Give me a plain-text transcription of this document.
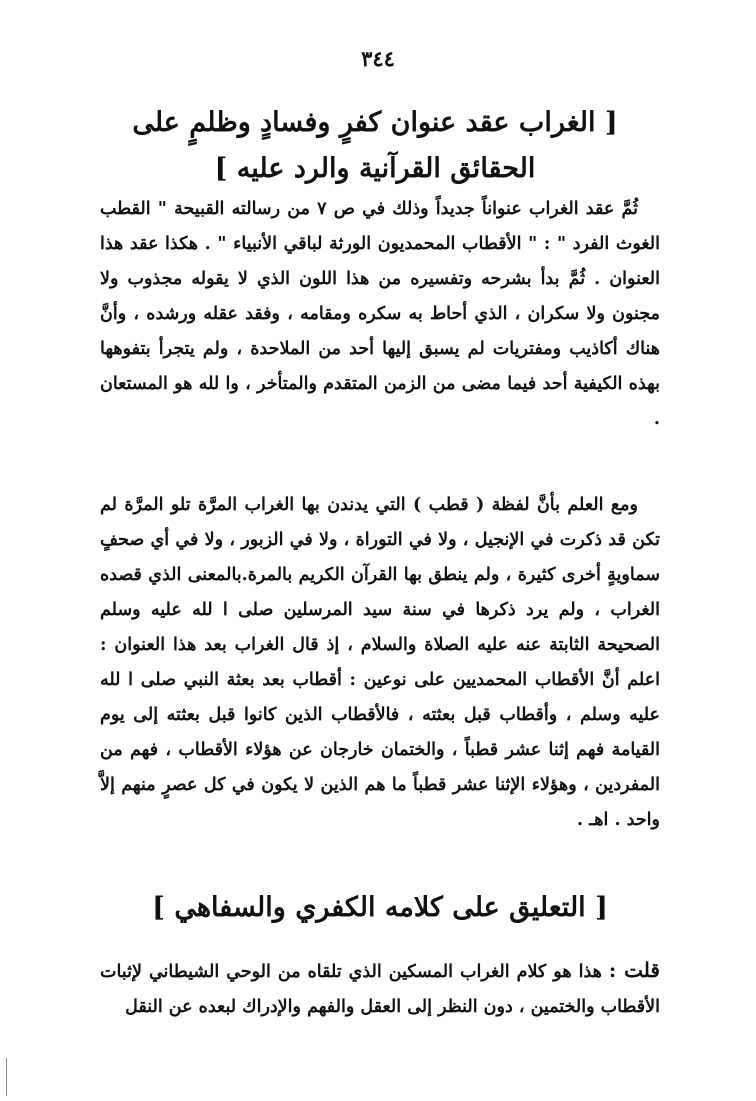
٣٤٤
[ الغراب عقد عنوان كفرٍ وفسادٍ وظلمٍ على الحقائق القرآنية والرد عليه ]

ثُمَّ عقد الغراب عنواناً جديداً وذلك في ص ٧ من رسالته القبيحة " القطب الغوث الفرد " : " الأقطاب المحمديون الورثة لباقي الأنبياء " . هكذا عقد هذا العنوان . ثُمَّ بدأ بشرحه وتفسيره من هذا اللون الذي لا يقوله مجذوب ولا مجنون ولا سكران ، الذي أحاط به سكره ومقامه ، وفقد عقله ورشده ، وأنَّ هناك أكاذيب ومفتريات لم يسبق إليها أحد من الملاحدة ، ولم يتجرأ بتفوهها بهذه الكيفية أحد فيما مضى من الزمن المتقدم والمتأخر ، وا لله هو المستعان .

ومع العلم بأنَّ لفظة ( قطب ) التي يدندن بها الغراب المرَّة تلو المرَّة لم تكن قد ذكرت في الإنجيل ، ولا في التوراة ، ولا في الزبور ، ولا في أي صحفٍ سماويةٍ أخرى كثيرة ، ولم ينطق بها القرآن الكريم بالمرة.بالمعنى الذي قصده الغراب ، ولم يرد ذكرها في سنة سيد المرسلين صلى ا لله عليه وسلم الصحيحة الثابتة عنه عليه الصلاة والسلام ، إذ قال الغراب بعد هذا العنوان : اعلم أنَّ الأقطاب المحمديين على نوعين : أقطاب بعد بعثة النبي صلى ا لله عليه وسلم ، وأقطاب قبل بعثته ، فالأقطاب الذين كانوا قبل بعثته إلى يوم القيامة فهم إثنا عشر قطباً ، والختمان خارجان عن هؤلاء الأقطاب ، فهم من المفردين ، وهؤلاء الإثنا عشر قطباً ما هم الذين لا يكون في كل عصرٍ منهم إلاَّ واحد . اهـ .

[ التعليق على كلامه الكفري والسفاهي ]

قلت : هذا هو كلام الغراب المسكين الذي تلقاه من الوحي الشيطاني لإثبات الأقطاب والختمين ، دون النظر إلى العقل والفهم والإدراك لبعده عن النقل
